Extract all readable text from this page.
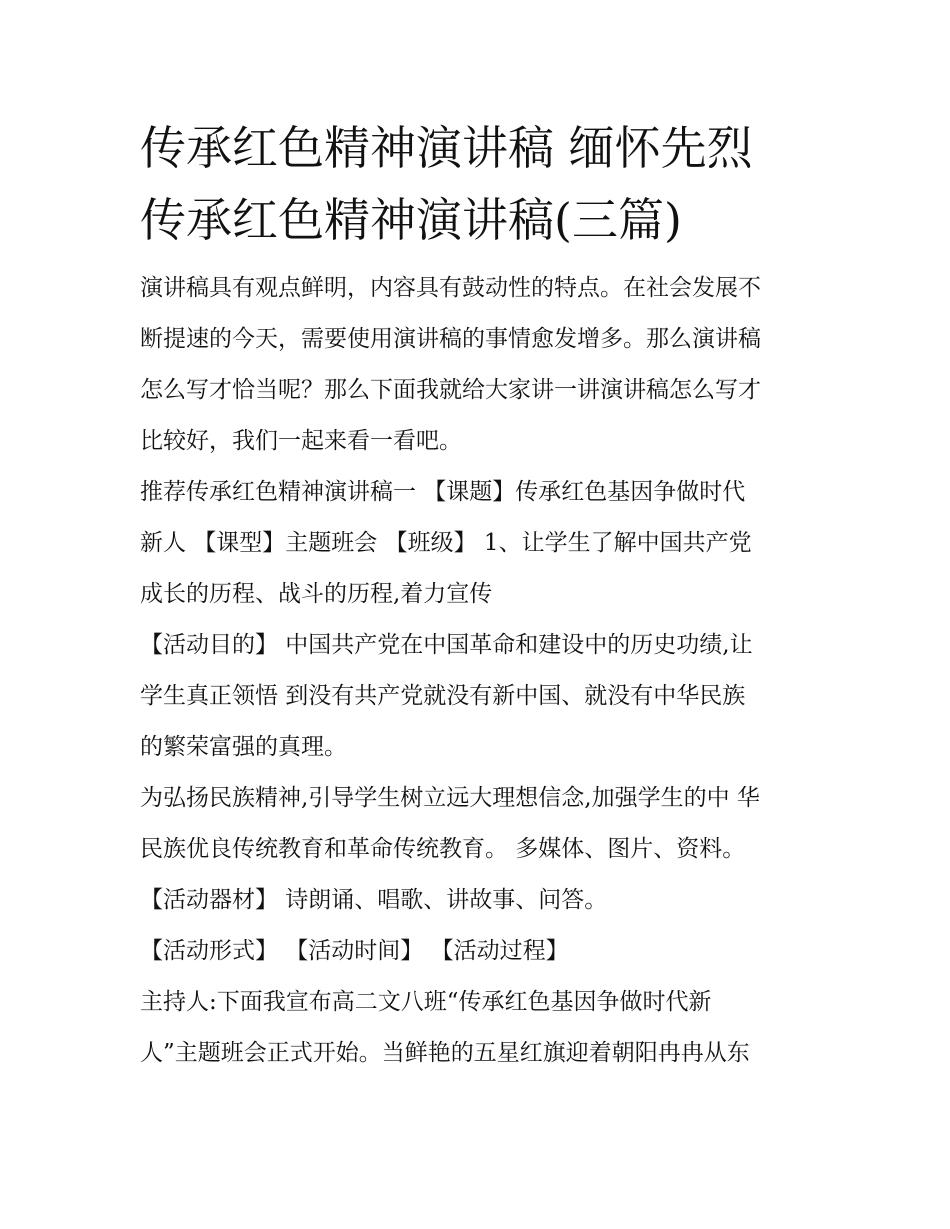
传承红色精神演讲稿 缅怀先烈
传承红色精神演讲稿(三篇)

演讲稿具有观点鲜明，内容具有鼓动性的特点。在社会发展不
断提速的今天，需要使用演讲稿的事情愈发增多。那么演讲稿
怎么写才恰当呢？那么下面我就给大家讲一讲演讲稿怎么写才
比较好，我们一起来看一看吧。

推荐传承红色精神演讲稿一 【课题】传承红色基因争做时代
新人 【课型】主题班会 【班级】 1、让学生了解中国共产党
成长的历程、战斗的历程,着力宣传

【活动目的】 中国共产党在中国革命和建设中的历史功绩,让
学生真正领悟 到没有共产党就没有新中国、就没有中华民族
的繁荣富强的真理。

为弘扬民族精神,引导学生树立远大理想信念,加强学生的中 华
民族优良传统教育和革命传统教育。 多媒体、图片、资料。

【活动器材】 诗朗诵、唱歌、讲故事、问答。

【活动形式】 【活动时间】 【活动过程】

主持人:下面我宣布高二文八班“传承红色基因争做时代新
人”主题班会正式开始。当鲜艳的五星红旗迎着朝阳冉冉从东
